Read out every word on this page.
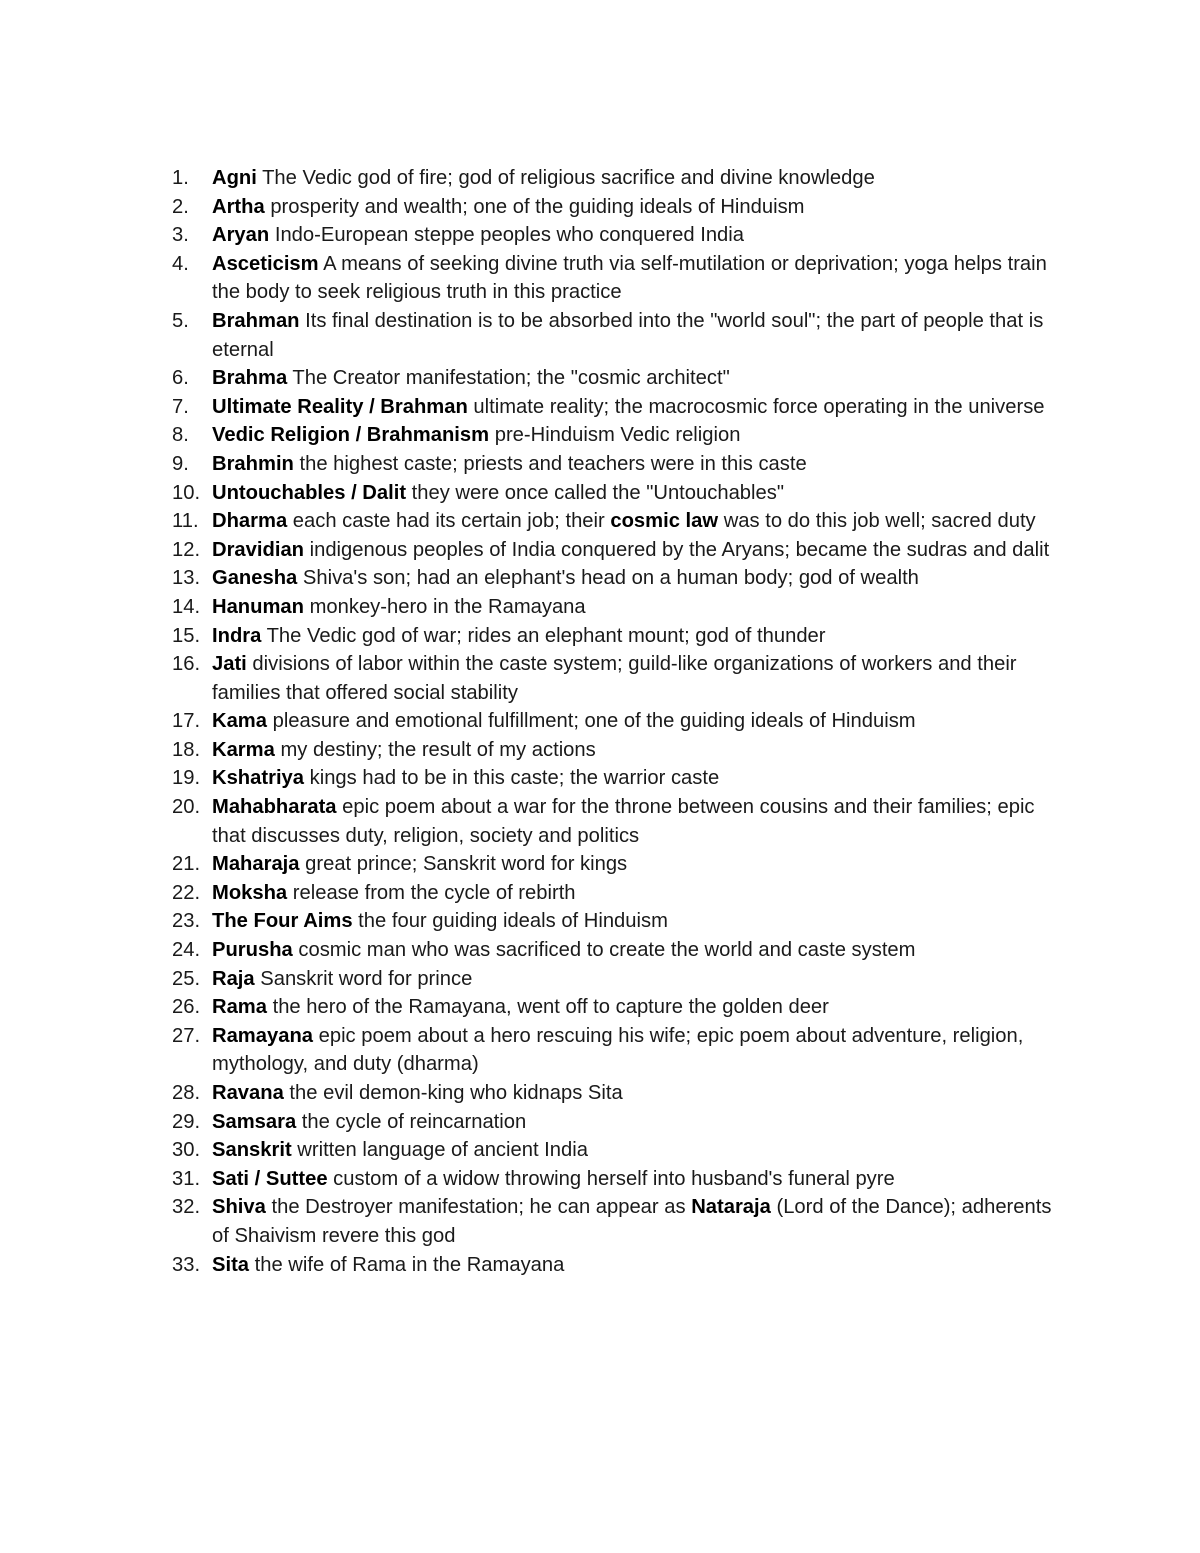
1.	Agni The Vedic god of fire; god of religious sacrifice and divine knowledge
2.	Artha prosperity and wealth; one of the guiding ideals of Hinduism
3.	Aryan Indo-European steppe peoples who conquered India
4.	Asceticism A means of seeking divine truth via self-mutilation or deprivation; yoga helps train the body to seek religious truth in this practice
5.	Brahman Its final destination is to be absorbed into the "world soul"; the part of people that is eternal
6.	Brahma The Creator manifestation; the "cosmic architect"
7.	Ultimate Reality / Brahman ultimate reality; the macrocosmic force operating in the universe
8.	Vedic Religion / Brahmanism pre-Hinduism Vedic religion
9.	Brahmin the highest caste; priests and teachers were in this caste
10. Untouchables / Dalit they were once called the "Untouchables"
11. Dharma each caste had its certain job; their cosmic law was to do this job well; sacred duty
12. Dravidian indigenous peoples of India conquered by the Aryans; became the sudras and dalit
13. Ganesha Shiva's son; had an elephant's head on a human body; god of wealth
14. Hanuman monkey-hero in the Ramayana
15. Indra The Vedic god of war; rides an elephant mount; god of thunder
16. Jati divisions of labor within the caste system; guild-like organizations of workers and their families that offered social stability
17. Kama pleasure and emotional fulfillment; one of the guiding ideals of Hinduism
18. Karma my destiny; the result of my actions
19. Kshatriya kings had to be in this caste; the warrior caste
20. Mahabharata epic poem about a war for the throne between cousins and their families; epic that discusses duty, religion, society and politics
21. Maharaja great prince; Sanskrit word for kings
22. Moksha release from the cycle of rebirth
23. The Four Aims the four guiding ideals of Hinduism
24. Purusha cosmic man who was sacrificed to create the world and caste system
25. Raja Sanskrit word for prince
26. Rama the hero of the Ramayana, went off to capture the golden deer
27. Ramayana epic poem about a hero rescuing his wife; epic poem about adventure, religion, mythology, and duty (dharma)
28. Ravana the evil demon-king who kidnaps Sita
29. Samsara the cycle of reincarnation
30. Sanskrit written language of ancient India
31. Sati / Suttee custom of a widow throwing herself into husband's funeral pyre
32. Shiva the Destroyer manifestation; he can appear as Nataraja (Lord of the Dance); adherents of Shaivism revere this god
33. Sita the wife of Rama in the Ramayana
